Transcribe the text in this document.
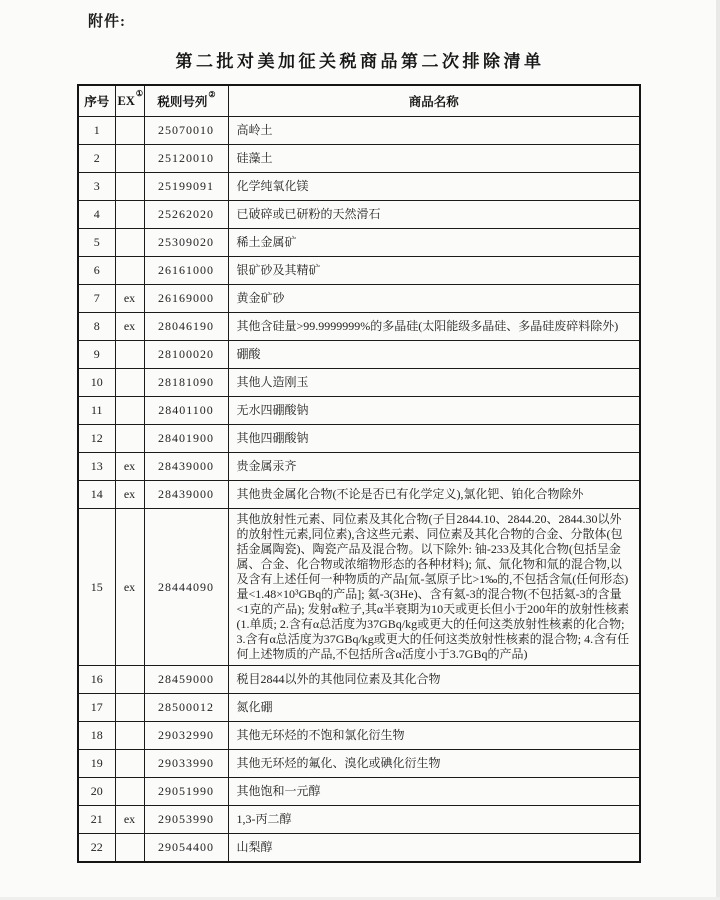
附件:
第二批对美加征关税商品第二次排除清单
序号	EX①	税则号列②	商品名称
1		25070010	高岭土
2		25120010	硅藻土
3		25199091	化学纯氧化镁
4		25262020	已破碎或已研粉的天然滑石
5		25309020	稀土金属矿
6		26161000	银矿砂及其精矿
7	ex	26169000	黄金矿砂
8	ex	28046190	其他含硅量>99.9999999%的多晶硅(太阳能级多晶硅、多晶硅废碎料除外)
9		28100020	硼酸
10		28181090	其他人造刚玉
11		28401100	无水四硼酸钠
12		28401900	其他四硼酸钠
13	ex	28439000	贵金属汞齐
14	ex	28439000	其他贵金属化合物(不论是否已有化学定义),氯化钯、铂化合物除外
15	ex	28444090	其他放射性元素、同位素及其化合物(子目2844.10、2844.20、2844.30以外的放射性元素,同位素),含这些元素、同位素及其化合物的合金、分散体(包括金属陶瓷)、陶瓷产品及混合物。以下除外: 铀-233及其化合物(包括呈金属、合金、化合物或浓缩物形态的各种材料); 氚、氚化物和氚的混合物,以及含有上述任何一种物质的产品[氚-氢原子比>1‰的,不包括含氚(任何形态)量<1.48×10³GBq的产品]; 氦-3(3He)、含有氦-3的混合物(不包括氦-3的含量<1克的产品); 发射α粒子,其α半衰期为10天或更长但小于200年的放射性核素(1.单质; 2.含有α总活度为37GBq/kg或更大的任何这类放射性核素的化合物; 3.含有α总活度为37GBq/kg或更大的任何这类放射性核素的混合物; 4.含有任何上述物质的产品,不包括所含α活度小于3.7GBq的产品)
16		28459000	税目2844以外的其他同位素及其化合物
17		28500012	氮化硼
18		29032990	其他无环烃的不饱和氯化衍生物
19		29033990	其他无环烃的氟化、溴化或碘化衍生物
20		29051990	其他饱和一元醇
21	ex	29053990	1,3-丙二醇
22		29054400	山梨醇
